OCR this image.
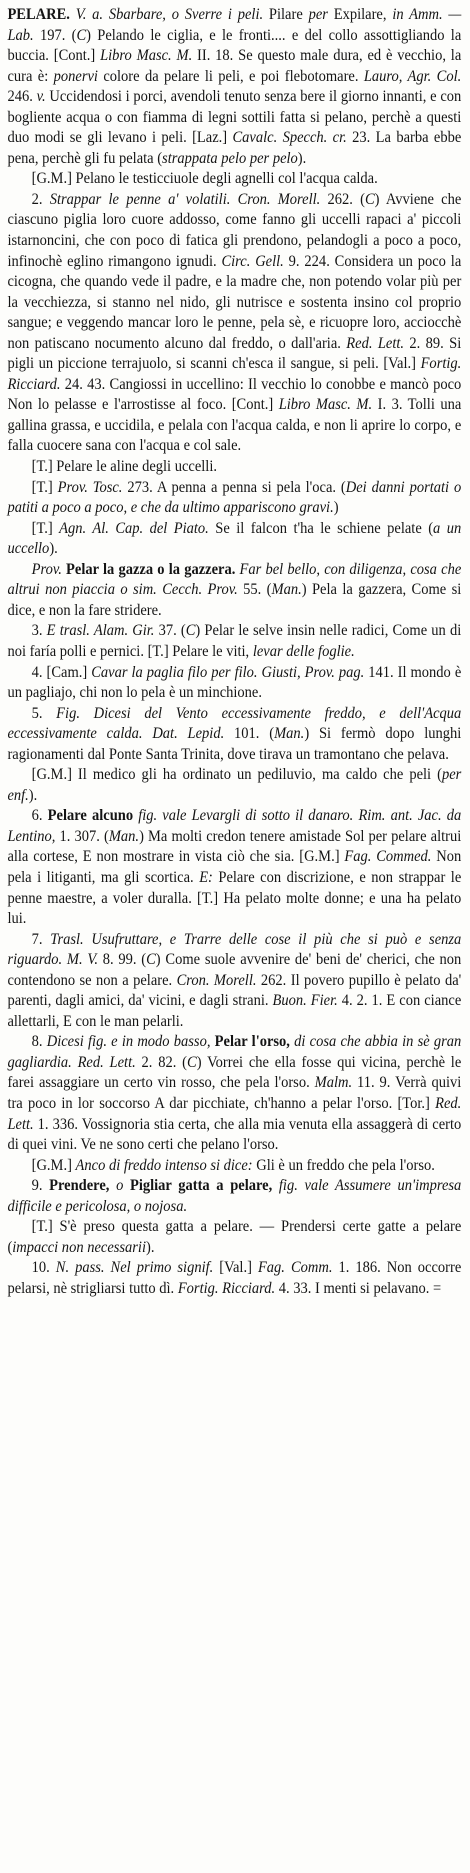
PELARE. V. a. Sbarbare, o Sverre i peli. Pilare per Expilare, in Amm. — Lab. 197. (C) Pelando le ciglia, e le fronti.... e del collo assottigliando la buccia. [Cont.] Libro Masc. M. II. 18. Se questo male dura, ed è vecchio, la cura è: ponervi colore da pelare li peli, e poi flebotomare. Lauro, Agr. Col. 246. v. Uccidendosi i porci, avendoli tenuto senza bere il giorno innanti, e con bogliente acqua o con fiamma di legni sottili fatta si pelano, perchè a questi duo modi se gli levano i peli. [Laz.] Cavalc. Specch. cr. 23. La barba ebbe pena, perchè gli fu pelata (strappata pelo per pelo).

[G.M.] Pelano le testicciuole degli agnelli col l'acqua calda.

2. Strappar le penne a' volatili. Cron. Morell. 262. (C) Avviene che ciascuno piglia loro cuore addosso, come fanno gli uccelli rapaci a' piccoli istarnoncini, che con poco di fatica gli prendono, pelandogli a poco a poco, infinochè eglino rimangono ignudi. Circ. Gell. 9. 224. Considera un poco la cicogna, che quando vede il padre, e la madre che, non potendo volar più per la vecchiezza, si stanno nel nido, gli nutrisce e sostenta insino col proprio sangue; e veggendo mancar loro le penne, pela sè, e ricuopre loro, acciocchè non patiscano nocumento alcuno dal freddo, o dall'aria. Red. Lett. 2. 89. Si pigli un piccione terrajuolo, si scanni ch'esca il sangue, si peli. [Val.] Fortig. Ricciard. 24. 43. Cangiossi in uccellino: Il vecchio lo conobbe e mancò poco Non lo pelasse e l'arrostisse al foco. [Cont.] Libro Masc. M. I. 3. Tolli una gallina grassa, e uccidila, e pelala con l'acqua calda, e non li aprire lo corpo, e falla cuocere sana con l'acqua e col sale.

[T.] Pelare le aline degli uccelli.

[T.] Prov. Tosc. 273. A penna a penna si pela l'oca. (Dei danni portati o patiti a poco a poco, e che da ultimo appariscono gravi.)

[T.] Agn. Al. Cap. del Piato. Se il falcon t'ha le schiene pelate (a un uccello).

Prov. Pelar la gazza o la gazzera. Far bel bello, con diligenza, cosa che altrui non piaccia o sim. Cecch. Prov. 55. (Man.) Pela la gazzera, Come si dice, e non la fare stridere.

3. E trasl. Alam. Gir. 37. (C) Pelar le selve insin nelle radici, Come un di noi faría polli e pernici. [T.] Pelare le viti, levar delle foglie.

4. [Cam.] Cavar la paglia filo per filo. Giusti, Prov. pag. 141. Il mondo è un pagliajo, chi non lo pela è un minchione.

5. Fig. Dicesi del Vento eccessivamente freddo, e dell'Acqua eccessivamente calda. Dat. Lepid. 101. (Man.) Si fermò dopo lunghi ragionamenti dal Ponte Santa Trinita, dove tirava un tramontano che pelava.

[G.M.] Il medico gli ha ordinato un pediluvio, ma caldo che peli (per enf.).

6. Pelare alcuno fig. vale Levargli di sotto il danaro. Rim. ant. Jac. da Lentino, 1. 307. (Man.) Ma molti credon tenere amistade Sol per pelare altrui alla cortese, E non mostrare in vista ciò che sia. [G.M.] Fag. Commed. Non pela i litiganti, ma gli scortica. E: Pelare con discrizione, e non strappar le penne maestre, a voler duralla. [T.] Ha pelato molte donne; e una ha pelato lui.

7. Trasl. Usufruttare, e Trarre delle cose il più che si può e senza riguardo. M. V. 8. 99. (C) Come suole avvenire de' beni de' cherici, che non contendono se non a pelare. Cron. Morell. 262. Il povero pupillo è pelato da' parenti, dagli amici, da' vicini, e dagli strani. Buon. Fier. 4. 2. 1. E con ciance allettarli, E con le man pelarli.

8. Dicesi fig. e in modo basso, Pelar l'orso, di cosa che abbia in sè gran gagliardia. Red. Lett. 2. 82. (C) Vorrei che ella fosse qui vicina, perchè le farei assaggiare un certo vin rosso, che pela l'orso. Malm. 11. 9. Verrà quivi tra poco in lor soccorso A dar picchiate, ch'hanno a pelar l'orso. [Tor.] Red. Lett. 1. 336. Vossignoria stia certa, che alla mia venuta ella assaggerà di certo di quei vini. Ve ne sono certi che pelano l'orso.

[G.M.] Anco di freddo intenso si dice: Gli è un freddo che pela l'orso.

9. Prendere, o Pigliar gatta a pelare, fig. vale Assumere un'impresa difficile e pericolosa, o nojosa.

[T.] S'è preso questa gatta a pelare. — Prendersi certe gatte a pelare (impacci non necessarii).

10. N. pass. Nel primo signif. [Val.] Fag. Comm. 1. 186. Non occorre pelarsi, nè strigliarsi tutto dì. Fortig. Ricciard. 4. 33. I menti si pelavano. =
